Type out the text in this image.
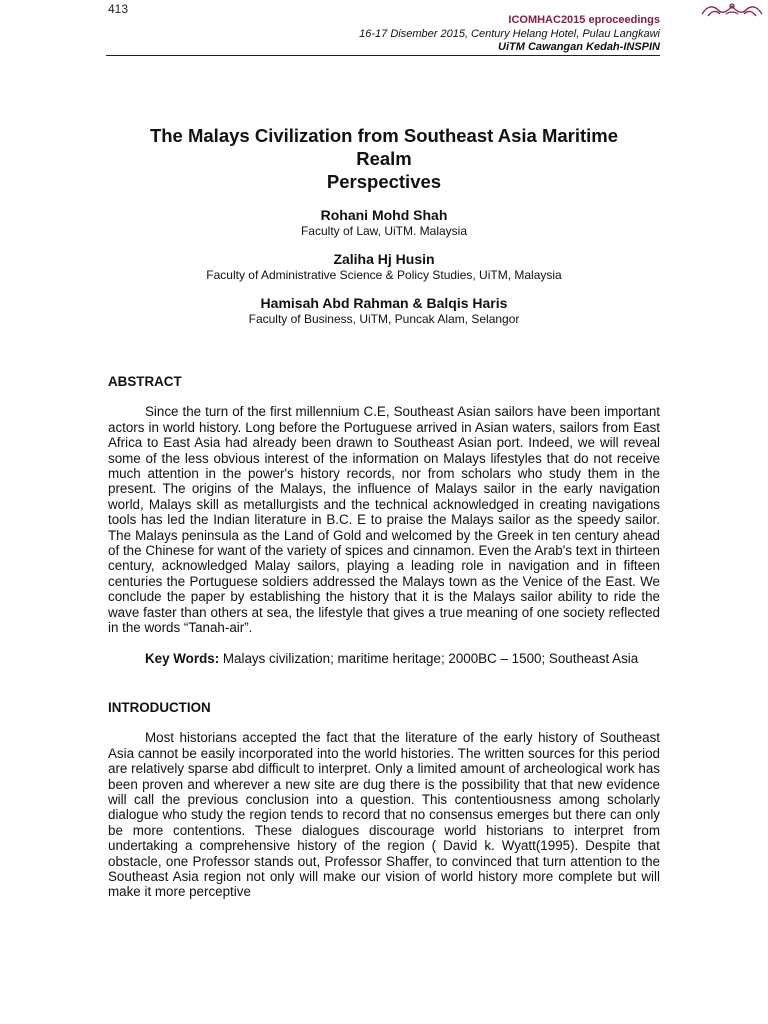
413
ICOMHAC2015 eproceedings
16-17 Disember 2015, Century Helang Hotel, Pulau Langkawi
UiTM Cawangan Kedah-INSPIN
The Malays Civilization from Southeast Asia Maritime
Realm
Perspectives
Rohani Mohd Shah
Faculty of Law, UiTM. Malaysia
Zaliha Hj Husin
Faculty of Administrative Science & Policy Studies, UiTM, Malaysia
Hamisah Abd Rahman & Balqis Haris
Faculty of Business, UiTM, Puncak Alam, Selangor
ABSTRACT

Since the turn of the first millennium C.E, Southeast Asian sailors have been important actors in world history. Long before the Portuguese arrived in Asian waters, sailors from East Africa to East Asia had already been drawn to Southeast Asian port. Indeed, we will reveal some of the less obvious interest of the information on Malays lifestyles that do not receive much attention in the power's history records, nor from scholars who study them in the present. The origins of the Malays, the influence of Malays sailor in the early navigation world, Malays skill as metallurgists and the technical acknowledged in creating navigations tools has led the Indian literature in B.C. E to praise the Malays sailor as the speedy sailor. The Malays peninsula as the Land of Gold and welcomed by the Greek in ten century ahead of the Chinese for want of the variety of spices and cinnamon. Even the Arab's text in thirteen century, acknowledged Malay sailors, playing a leading role in navigation and in fifteen centuries the Portuguese soldiers addressed the Malays town as the Venice of the East. We conclude the paper by establishing the history that it is the Malays sailor ability to ride the wave faster than others at sea, the lifestyle that gives a true meaning of one society reflected in the words “Tanah-air”.

Key Words: Malays civilization; maritime heritage; 2000BC – 1500; Southeast Asia

INTRODUCTION

Most historians accepted the fact that the literature of the early history of Southeast Asia cannot be easily incorporated into the world histories. The written sources for this period are relatively sparse abd difficult to interpret. Only a limited amount of archeological work has been proven and wherever a new site are dug there is the possibility that that new evidence will call the previous conclusion into a question. This contentiousness among scholarly dialogue who study the region tends to record that no consensus emerges but there can only be more contentions. These dialogues discourage world historians to interpret from undertaking a comprehensive history of the region ( David k. Wyatt(1995). Despite that obstacle, one Professor stands out, Professor Shaffer, to convinced that turn attention to the Southeast Asia region not only will make our vision of world history more complete but will make it more perceptive
